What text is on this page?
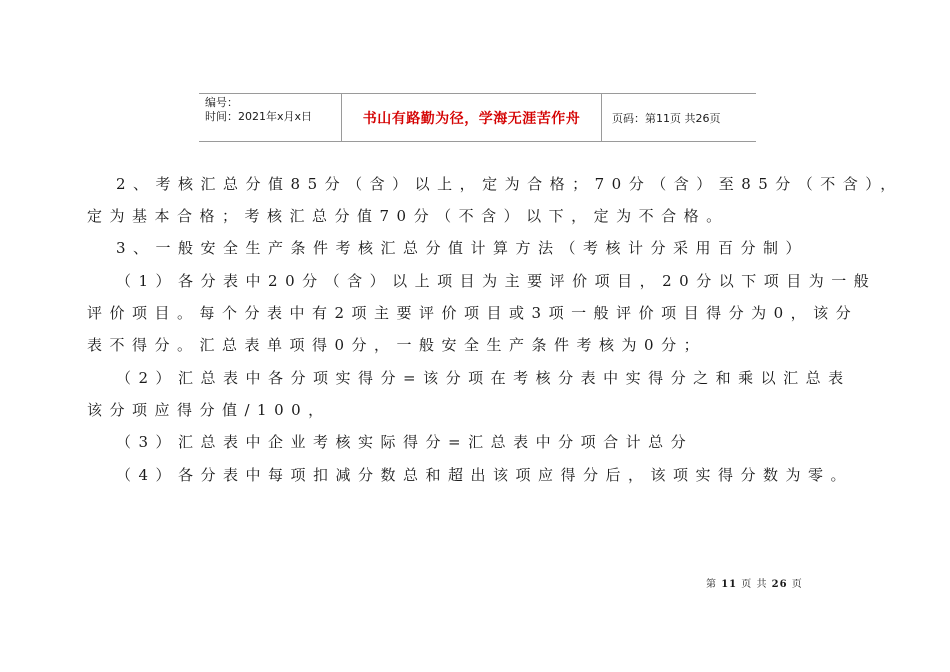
编号：
时间：2021年x月x日	书山有路勤为径，学海无涯苦作舟	页码：第11页 共26页
2、考核汇总分值85分（含）以上，定为合格；70分（含）至85分（不含），
定为基本合格；考核汇总分值70分（不含）以下，定为不合格。
3、一般安全生产条件考核汇总分值计算方法（考核计分采用百分制）
（1）各分表中20分（含）以上项目为主要评价项目，20分以下项目为一般
评价项目。每个分表中有2项主要评价项目或3项一般评价项目得分为0，该分
表不得分。汇总表单项得0分，一般安全生产条件考核为0分；
（2）汇总表中各分项实得分=该分项在考核分表中实得分之和乘以汇总表
该分项应得分值/100，
（3）汇总表中企业考核实际得分=汇总表中分项合计总分
（4）各分表中每项扣减分数总和超出该项应得分后，该项实得分数为零。
第 11 页 共 26 页
